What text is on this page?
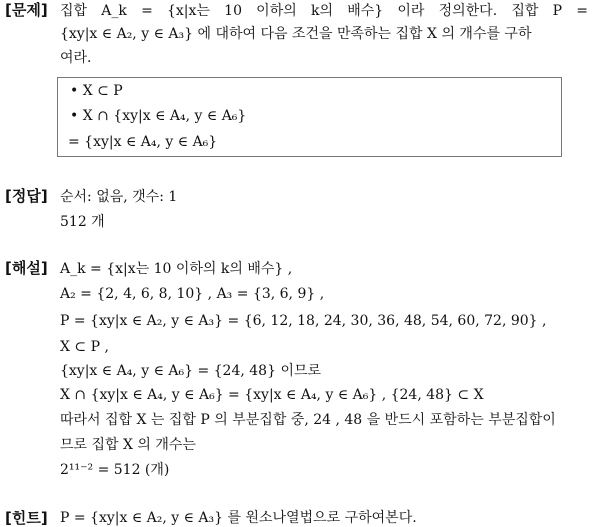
[문제] 집합 A_k = {x|x는 10 이하의 k의 배수} 이라 정의한다. 집합 P =
{xy|x ∈ A₂, y ∈ A₃} 에 대하여 다음 조건을 만족하는 집합 X 의 개수를 구하
여라.
• X ⊂ P
• X ∩ {xy|x ∈ A₄, y ∈ A₆}
= {xy|x ∈ A₄, y ∈ A₆}
[정답] 순서: 없음, 갯수: 1
512 개
[해설] A_k = {x|x는 10 이하의 k의 배수} ,
A₂ = {2, 4, 6, 8, 10} , A₃ = {3, 6, 9} ,
P = {xy|x ∈ A₂, y ∈ A₃} = {6, 12, 18, 24, 30, 36, 48, 54, 60, 72, 90} ,
X ⊂ P ,
{xy|x ∈ A₄, y ∈ A₆} = {24, 48} 이므로
X ∩ {xy|x ∈ A₄, y ∈ A₆} = {xy|x ∈ A₄, y ∈ A₆} , {24, 48} ⊂ X
따라서 집합 X 는 집합 P 의 부분집합 중, 24 , 48 을 반드시 포함하는 부분집합이
므로 집합 X 의 개수는
2¹¹⁻² = 512 (개)
[힌트] P = {xy|x ∈ A₂, y ∈ A₃} 를 원소나열법으로 구하여본다.
